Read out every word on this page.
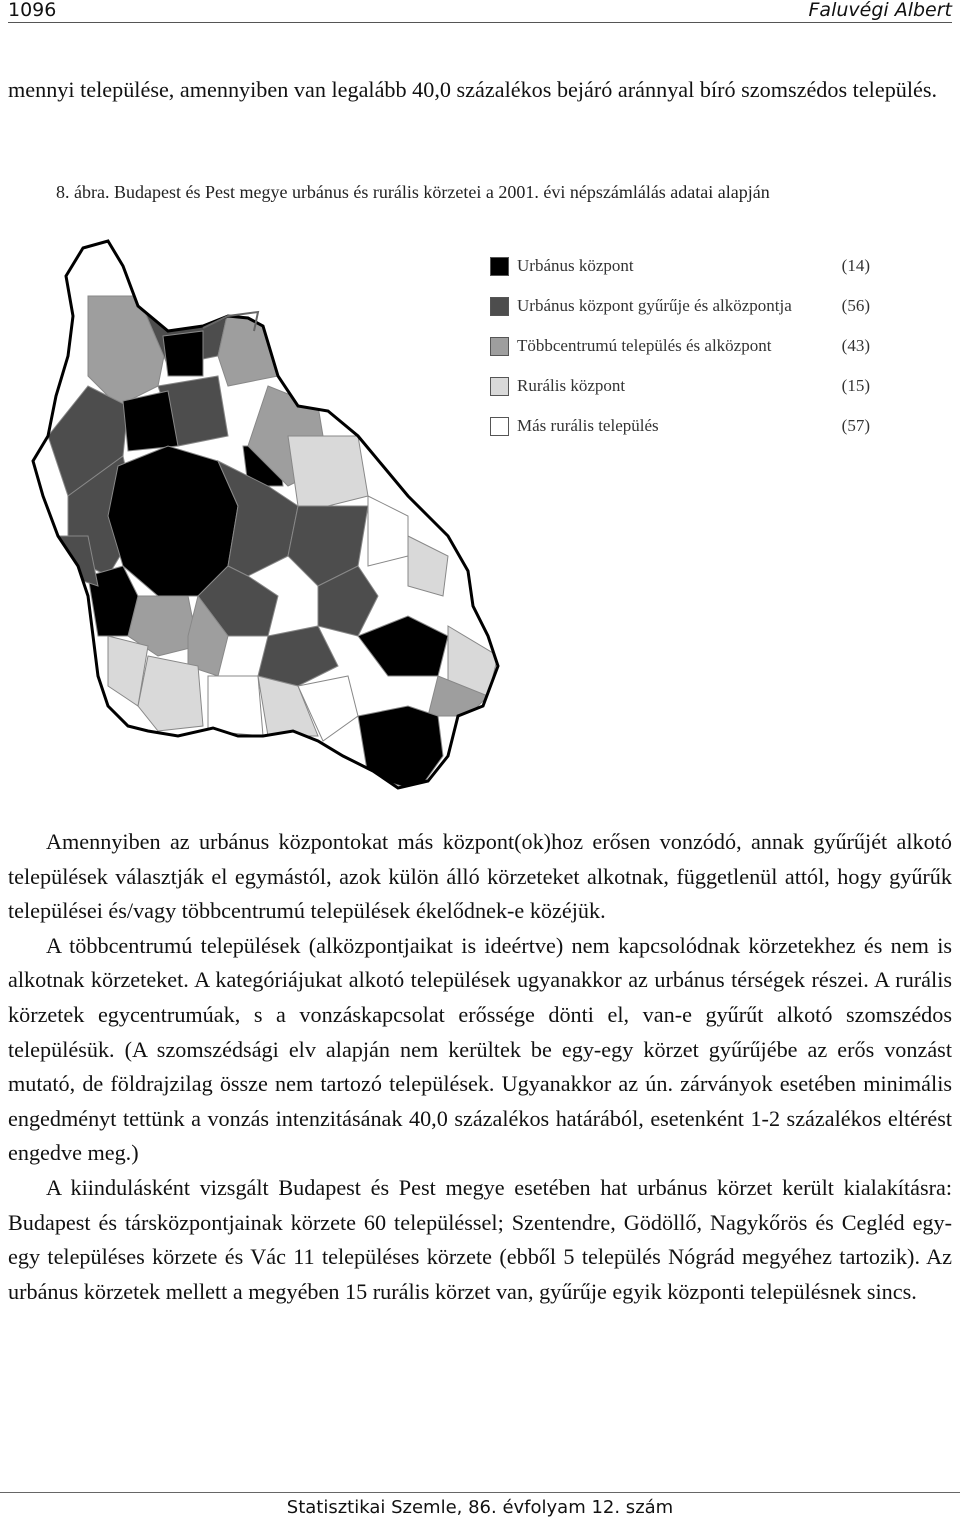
1096	Faluvégi Albert
mennyi települése, amennyiben van legalább 40,0 százalékos bejáró aránnyal bíró szomszédos település.
8. ábra. Budapest és Pest megye urbánus és rurális körzetei a 2001. évi népszámlálás adatai alapján
Urbánus központ	(14)
Urbánus központ gyűrűje és alközpontja	(56)
Többcentrumú település és alközpont	(43)
Rurális központ	(15)
Más rurális település	(57)

Amennyiben az urbánus központokat más központ(ok)hoz erősen vonzódó, annak gyűrűjét alkotó települések választják el egymástól, azok külön álló körzeteket alkotnak, függetlenül attól, hogy gyűrűk települései és/vagy többcentrumú települések ékelődnek-e közéjük.

A többcentrumú települések (alközpontjaikat is ideértve) nem kapcsolódnak körzetekhez és nem is alkotnak körzeteket. A kategóriájukat alkotó települések ugyanakkor az urbánus térségek részei. A rurális körzetek egycentrumúak, s a vonzáskapcsolat erőssége dönti el, van-e gyűrűt alkotó szomszédos településük. (A szomszédsági elv alapján nem kerültek be egy-egy körzet gyűrűjébe az erős vonzást mutató, de földrajzilag össze nem tartozó települések. Ugyanakkor az ún. zárványok esetében minimális engedményt tettünk a vonzás intenzitásának 40,0 százalékos határából, esetenként 1-2 százalékos eltérést engedve meg.)

A kiindulásként vizsgált Budapest és Pest megye esetében hat urbánus körzet került kialakításra: Budapest és társközpontjainak körzete 60 településsel; Szentendre, Gödöllő, Nagykőrös és Cegléd egy-egy településes körzete és Vác 11 településes körzete (ebből 5 település Nógrád megyéhez tartozik). Az urbánus körzetek mellett a megyében 15 rurális körzet van, gyűrűje egyik központi településnek sincs.

Statisztikai Szemle, 86. évfolyam 12. szám
